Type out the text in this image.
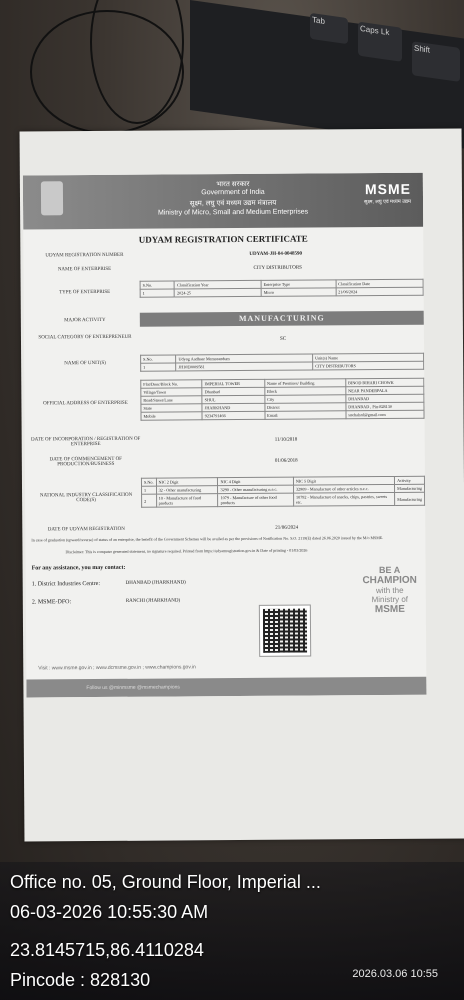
Tab
Caps Lk
Shift
भारत सरकार
Government of India
सूक्ष्म, लघु एवं मध्यम उद्यम मंत्रालय
Ministry of Micro, Small and Medium Enterprises
MSME
सूक्ष्म, लघु एवं मध्यम उद्यम
UDYAM REGISTRATION CERTIFICATE
UDYAM REGISTRATION NUMBER	UDYAM-JH-04-0048590
NAME OF ENTERPRISE	CITY DISTRIBUTORS
TYPE OF ENTERPRISE
S.No.	Classification Year	Enterprise Type	Classification Date
1	2024-25	Micro	21/06/2024
MAJOR ACTIVITY	MANUFACTURING
SOCIAL CATEGORY OF ENTREPRENEUR	SC
NAME OF UNIT(S)
S.No.	Udyog Aadhaar Memorandum	Unit(s) Name
1	JH10E0009581	CITY DISTRIBUTORS
OFFICIAL ADDRESS OF ENTERPRISE
Flat/Door/Block No.	IMPERIAL TOWER	Name of Premises/ Building	BINOD BIHARI CHOWK
Village/Town	Dhanbad	Block	NEAR PANDERPALA
Road/Street/Lane	SHUL	City	DHANBAD
State	JHARKHAND	District	DHANBAD , Pin-828130
Mobile	9234791466	Email:	snehalsnl@gmail.com
DATE OF INCORPORATION / REGISTRATION OF ENTERPRISE
11/10/2018
DATE OF COMMENCEMENT OF PRODUCTION/BUSINESS
01/06/2018
NATIONAL INDUSTRY CLASSIFICATION CODE(S)
S.No.	NIC 2 Digit	NIC 4 Digit	NIC 5 Digit	Activity
1	32 - Other manufacturing	3290 - Other manufacturing n.e.c.	32909 - Manufacture of other articles n.e.c.	Manufacturing
2	10 - Manufacture of food products	1079 - Manufacture of other food products	10792 - Manufacture of snacks, chips, pastries, sweets etc.	Manufacturing
DATE OF UDYAM REGISTRATION	21/06/2024
In case of graduation (upward/reverse) of status of an enterprise, the benefit of the Government Schemes will be availed as per the provisions of Notification No. S.O. 2119(E) dated 26.06.2020 issued by the M/o MSME.
Disclaimer: This is computer generated statement, no signature required. Printed from https://udyamregistration.gov.in & Date of printing - 01/03/2026
For any assistance, you may contact:
1. District Industries Centre:	DHANBAD (JHARKHAND)
2. MSME-DFO:	RANCHI (JHARKHAND)
BE A
CHAMPION
with the
Ministry of
MSME
Visit : www.msme.gov.in ; www.dcmsme.gov.in ; www.champions.gov.in
Follow us @minmsme @msmechampions
Office no. 05, Ground Floor, Imperial ...
06-03-2026 10:55:30 AM
23.8145715,86.4110284
Pincode : 828130	2026.03.06 10:55
